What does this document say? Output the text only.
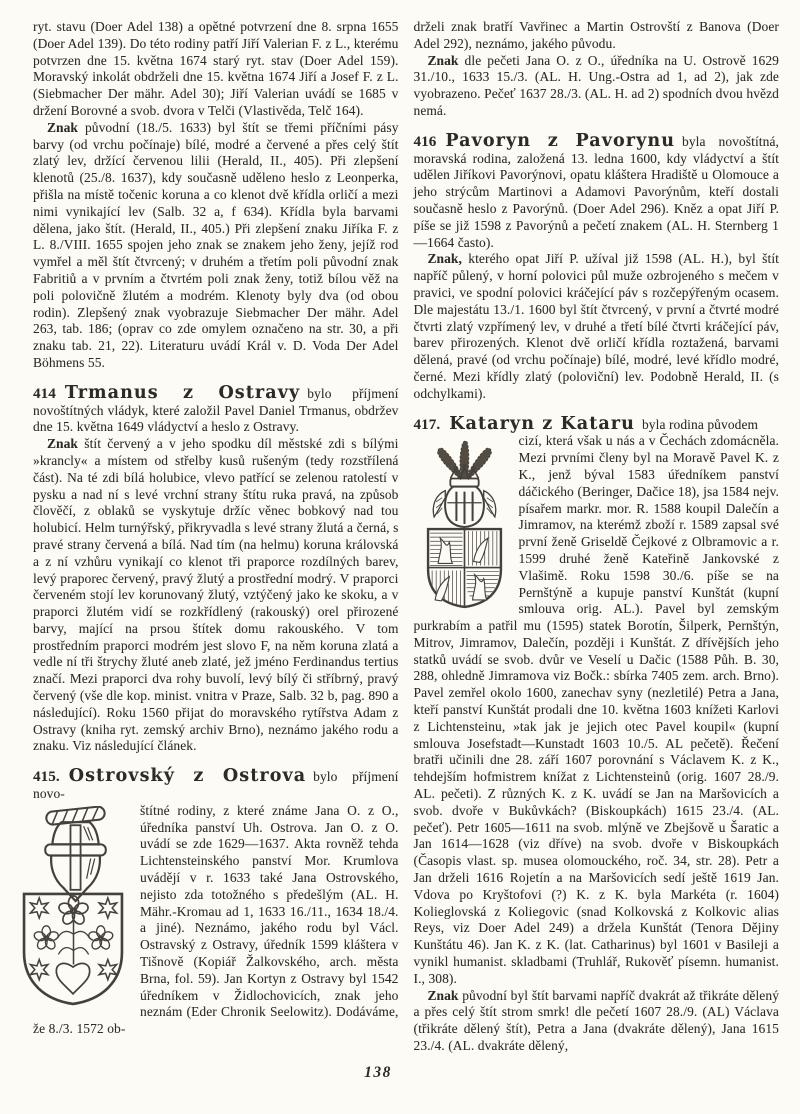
ryt. stavu (Doer Adel 138) a opětné potvrzení dne 8. srpna 1655 (Doer Adel 139). Do této rodiny patří Jiří Valerian F. z L., kterému potvrzen dne 15. května 1674 starý ryt. stav (Doer Adel 159). Moravský inkolát obdrželi dne 15. května 1674 Jiří a Josef F. z L. (Siebmacher Der mähr. Adel 30); Jiří Valerian uvádí se 1685 v držení Borovné a svob. dvora v Telči (Vlastivěda, Telč 164).

Znak původní (18./5. 1633) byl štít se třemi příčními pásy barvy (od vrchu počínaje) bílé, modré a červené a přes celý štít zlatý lev, držící červenou lilii (Herald, II., 405). Při zlepšení klenotů (25./8. 1637), kdy současně uděleno heslo z Leonperka, přišla na místě točenic koruna a co klenot dvě křídla orličí a mezi nimi vynikající lev (Salb. 32 a, f 634). Křídla byla barvami dělena, jako štít. (Herald, II., 405.) Při zlepšení znaku Jiříka F. z L. 8./VIII. 1655 spojen jeho znak se znakem jeho ženy, jejíž rod vymřel a měl štít čtvrcený; v druhém a třetím poli původní znak Fabritiů a v prvním a čtvrtém poli znak ženy, totiž bílou věž na poli polovičně žlutém a modrém. Klenoty byly dva (od obou rodin). Zlepšený znak vyobrazuje Siebmacher Der mähr. Adel 263, tab. 186; (oprav co zde omylem označeno na str. 30, a při znaku tab. 21, 22). Literaturu uvádí Král v. D. Voda Der Adel Böhmens 55.

414 Trmanus z Ostravy bylo příjmení novoštítných vládyk, které založil Pavel Daniel Trmanus, obdržev dne 15. května 1649 vládyctví a heslo z Ostravy.

Znak štít červený a v jeho spodku díl městské zdi s bílými »krancly« a místem od střelby kusů rušeným (tedy rozstřílená část). Na té zdi bílá holubice, vlevo patřící se zelenou ratolestí v pysku a nad ní s levé vrchní strany štítu ruka pravá, na způsob člověčí, z oblaků se vyskytuje držíc věnec bobkový nad tou holubicí. Helm turnýřský, přikryvadla s levé strany žlutá a černá, s pravé strany červená a bílá. Nad tím (na helmu) koruna královská a z ní vzhůru vynikají co klenot tři praporce rozdílných barev, levý praporec červený, pravý žlutý a prostřední modrý. V praporci červeném stojí lev korunovaný žlutý, vztýčený jako ke skoku, a v praporci žlutém vidí se rozkřídlený (rakouský) orel přirozené barvy, mající na prsou štítek domu rakouského. V tom prostředním praporci modrém jest slovo F, na něm koruna zlatá a vedle ní tři štrychy žluté aneb zlaté, jež jméno Ferdinandus tertius značí. Mezi praporci dva rohy buvolí, levý bílý či stříbrný, pravý červený (vše dle kop. minist. vnitra v Praze, Salb. 32 b, pag. 890 a následující). Roku 1560 přijat do moravského rytířstva Adam z Ostravy (kniha ryt. zemský archiv Brno), neznámo jakého rodu a znaku. Viz následující článek.

415. Ostrovský z Ostrova bylo příjmení novo-

štítné rodiny, z které známe Jana O. z O., úředníka panství Uh. Ostrova. Jan O. z O. uvádí se zde 1629—1637. Akta rovněž tehda Lichtensteinského panství Mor. Krumlova uvádějí v r. 1633 také Jana Ostrovského, nejisto zda totožného s předešlým (AL. H. Mähr.-Kromau ad 1, 1633 16./11., 1634 18./4. a jiné). Neznámo, jakého rodu byl Václ. Ostravský z Ostravy, úředník 1599 kláštera v Tišnově (Kopiář Žalkovského, arch. města Brna, fol. 59). Jan Kortyn z Ostravy byl 1542 úředníkem v Židlochovicích, znak jeho neznám (Eder Chronik Seelowitz). Dodáváme, že 8./3. 1572 ob-

drželi znak bratří Vavřinec a Martin Ostrovští z Banova (Doer Adel 292), neznámo, jakého původu.

Znak dle pečeti Jana O. z O., úředníka na U. Ostrově 1629 31./10., 1633 15./3. (AL. H. Ung.-Ostra ad 1, ad 2), jak zde vyobrazeno. Pečeť 1637 28./3. (AL. H. ad 2) spodních dvou hvězd nemá.

416 Pavoryn z Pavorynu byla novoštítná, moravská rodina, založená 13. ledna 1600, kdy vládyctví a štít udělen Jiříkovi Pavorýnovi, opatu kláštera Hradiště u Olomouce a jeho strýcům Martinovi a Adamovi Pavorýnům, kteří dostali současně heslo z Pavorýnů. (Doer Adel 296). Kněz a opat Jiří P. píše se již 1598 z Pavorýnů a pečetí znakem (AL. H. Sternberg 1—1664 často).

Znak, kterého opat Jiří P. užíval již 1598 (AL. H.), byl štít napříč půlený, v horní polovici půl muže ozbrojeného s mečem v pravici, ve spodní polovici kráčející páv s rozčepýřeným ocasem. Dle majestátu 13./1. 1600 byl štít čtvrcený, v první a čtvrté modré čtvrti zlatý vzpřímený lev, v druhé a třetí bílé čtvrti kráčející páv, barev přirozených. Klenot dvě orličí křídla roztažená, barvami dělená, pravé (od vrchu počínaje) bílé, modré, levé křídlo modré, černé. Mezi křídly zlatý (poloviční) lev. Podobně Herald, II. (s odchylkami).

417. Kataryn z Kataru byla rodina původem

cizí, která však u nás a v Čechách zdomácněla. Mezi prvními členy byl na Moravě Pavel K. z K., jenž býval 1583 úředníkem panství dáčického (Beringer, Dačice 18), jsa 1584 nejv. písařem markr. mor. R. 1588 koupil Dalečín a Jimramov, na kterémž zboží r. 1589 zapsal své první ženě Griseldě Čejkové z Olbramovic a r. 1599 druhé ženě Kateřině Jankovské z Vlašimě. Roku 1598 30./6. píše se na Pernštýně a kupuje panství Kunštát (kupní smlouva orig. AL.). Pavel byl zemským purkrabím a patřil mu (1595) statek Borotín, Šilperk, Pernštýn, Mitrov, Jimramov, Dalečín, později i Kunštát. Z dřívějších jeho statků uvádí se svob. dvůr ve Veselí u Dačic (1588 Půh. B. 30, 288, ohledně Jimramova viz Bočk.: sbírka 7405 zem. arch. Brno). Pavel zemřel okolo 1600, zanechav syny (nezletilé) Petra a Jana, kteří panství Kunštát prodali dne 10. května 1603 knížeti Karlovi z Lichtensteinu, »tak jak je jejich otec Pavel koupil« (kupní smlouva Josefstadt—Kunstadt 1603 10./5. AL pečetě). Řečení bratři učinili dne 28. září 1607 porovnání s Václavem K. z K., tehdejším hofmistrem knížat z Lichtensteinů (orig. 1607 28./9. AL. pečeti). Z různých K. z K. uvádí se Jan na Maršovicích a svob. dvoře v Bukůvkách? (Biskoupkách) 1615 23./4. (AL. pečeť). Petr 1605—1611 na svob. mlýně ve Zbejšově u Šaratic a Jan 1614—1628 (viz dříve) na svob. dvoře v Biskoupkách (Časopis vlast. sp. musea olomouckého, roč. 34, str. 28). Petr a Jan drželi 1616 Rojetín a na Maršovicích sedí ještě 1619 Jan. Vdova po Kryštofovi (?) K. z K. byla Markéta (r. 1604) Kolieglovská z Koliegovic (snad Kolkovská z Kolkovic alias Reys, viz Doer Adel 249) a držela Kunštát (Tenora Dějiny Kunštátu 46). Jan K. z K. (lat. Catharinus) byl 1601 v Basileji a vynikl humanist. skladbami (Truhlář, Rukověť písemn. humanist. I., 308).

Znak původní byl štít barvami napříč dvakrát až třikráte dělený a přes celý štít strom smrk! dle pečetí 1607 28./9. (AL) Václava (třikráte dělený štít), Petra a Jana (dvakráte dělený), Jana 1615 23./4. (AL. dvakráte dělený,

138
